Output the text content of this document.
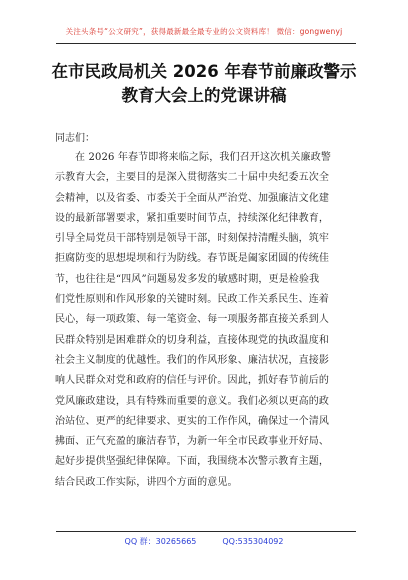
关注头条号“公文研究”，获得最新最全最专业的公文资料库！ 微信：gongwenyj
在市民政局机关 2026 年春节前廉政警示
教育大会上的党课讲稿
同志们：
在 2026 年春节即将来临之际，我们召开这次机关廉政警
示教育大会，主要目的是深入贯彻落实二十届中央纪委五次全
会精神，以及省委、市委关于全面从严治党、加强廉洁文化建
设的最新部署要求，紧扣重要时间节点，持续深化纪律教育，
引导全局党员干部特别是领导干部，时刻保持清醒头脑，筑牢
拒腐防变的思想堤坝和行为防线。春节既是阖家团圆的传统佳
节，也往往是“四风”问题易发多发的敏感时期，更是检验我
们党性原则和作风形象的关键时刻。民政工作关系民生、连着
民心，每一项政策、每一笔资金、每一项服务都直接关系到人
民群众特别是困难群众的切身利益，直接体现党的执政温度和
社会主义制度的优越性。我们的作风形象、廉洁状况，直接影
响人民群众对党和政府的信任与评价。因此，抓好春节前后的
党风廉政建设，具有特殊而重要的意义。我们必须以更高的政
治站位、更严的纪律要求、更实的工作作风，确保过一个清风
拂面、正气充盈的廉洁春节，为新一年全市民政事业开好局、
起好步提供坚强纪律保障。下面，我围绕本次警示教育主题，
结合民政工作实际，讲四个方面的意见。
QQ 群：30265665	QQ:535304092
